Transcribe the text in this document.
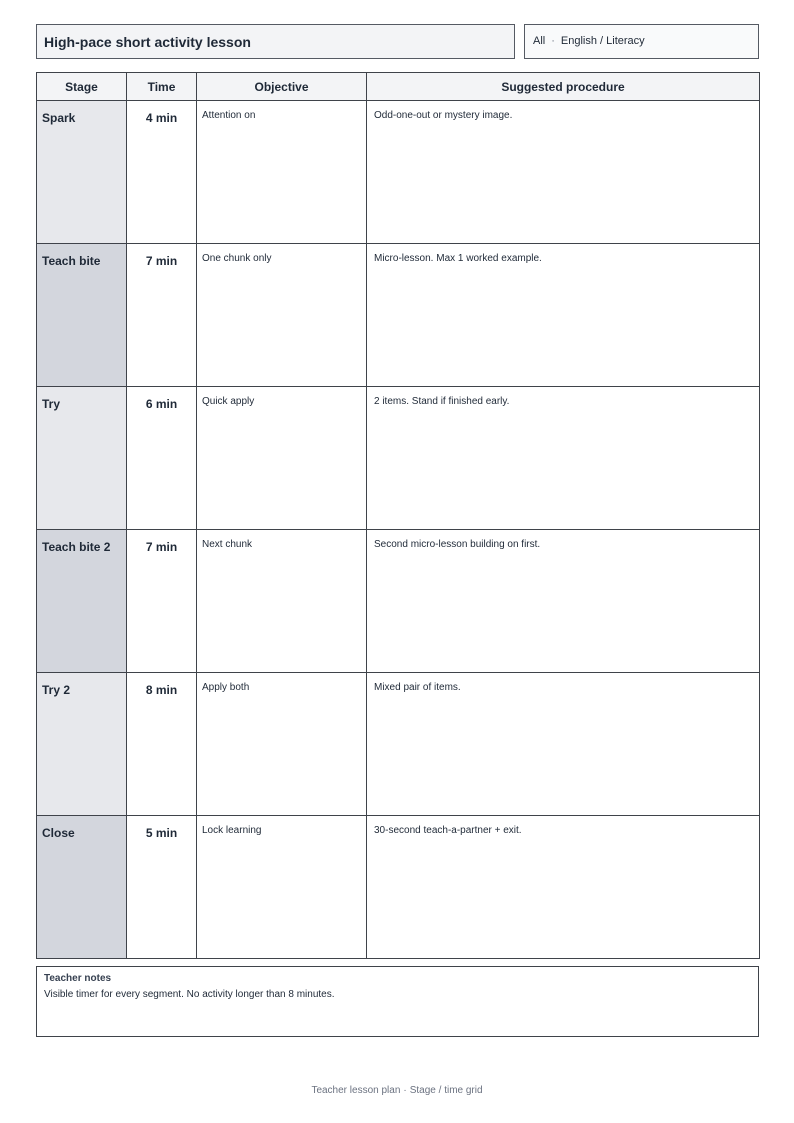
High-pace short activity lesson	All · English / Literacy
Stage	Time	Objective	Suggested procedure
Spark	4 min	Attention on	Odd-one-out or mystery image.
Teach bite	7 min	One chunk only	Micro-lesson. Max 1 worked example.
Try	6 min	Quick apply	2 items. Stand if finished early.
Teach bite 2	7 min	Next chunk	Second micro-lesson building on first.
Try 2	8 min	Apply both	Mixed pair of items.
Close	5 min	Lock learning	30-second teach-a-partner + exit.
Teacher notes
Visible timer for every segment. No activity longer than 8 minutes.
Teacher lesson plan · Stage / time grid
